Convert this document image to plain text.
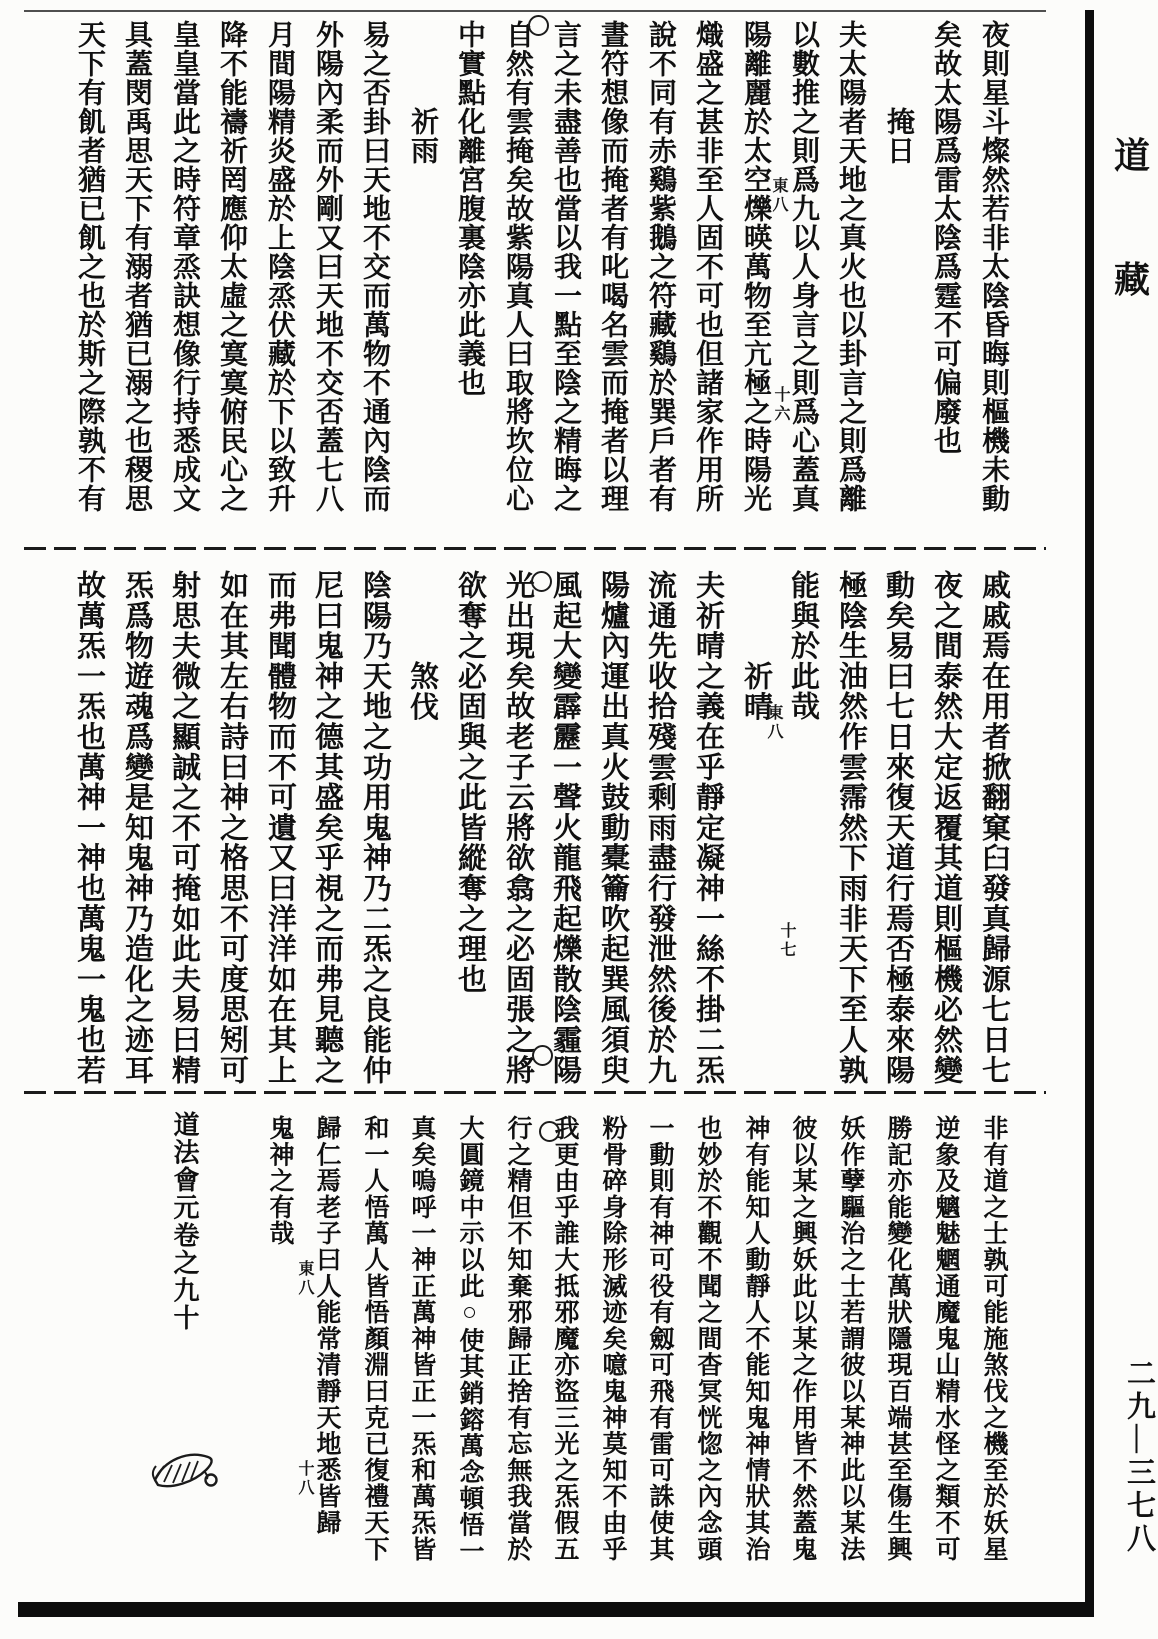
夜則星斗燦然若非太陰昏晦則樞機未動
矣故太陽爲雷太陰爲霆不可偏廢也
掩日
夫太陽者天地之真火也以卦言之則爲離
以數推之則爲九以人身言之則爲心蓋真
陽離麗於太空爍暎萬物至亢極之時陽光
熾盛之甚非至人固不可也但諸家作用所
說不同有赤鷄紫鵝之符藏鷄於巽戶者有
晝符想像而掩者有叱喝名雲而掩者以理
言之未盡善也當以我一點至陰之精晦之
自然有雲掩矣故紫陽真人曰取將坎位心
中實點化離宮腹裏陰亦此義也
祈雨
易之否卦曰天地不交而萬物不通內陰而
外陽內柔而外剛又曰天地不交否蓋七八
月間陽精炎盛於上陰烝伏藏於下以致升
降不能禱祈罔應仰太虛之寞寞俯民心之
皇皇當此之時符章烝訣想像行持悉成文
具蓋閔禹思天下有溺者猶已溺之也稷思
天下有飢者猶已飢之也於斯之際孰不有
戚戚焉在用者掀翻窠臼發真歸源七日七
夜之間泰然大定返覆其道則樞機必然變
動矣易曰七日來復天道行焉否極泰來陽
極陰生油然作雲霈然下雨非天下至人孰
能與於此哉
祈晴
夫祈晴之義在乎靜定凝神一絲不掛二炁
流通先收拾殘雲剩雨盡行發泄然後於九
陽爐內運出真火鼓動橐籥吹起巽風須臾
風起大變霹靂一聲火龍飛起爍散陰霾陽
光出現矣故老子云將欲翕之必固張之將
欲奪之必固與之此皆縱奪之理也
煞伐
陰陽乃天地之功用鬼神乃二炁之良能仲
尼曰鬼神之德其盛矣乎視之而弗見聽之
而弗聞體物而不可遺又曰洋洋如在其上
如在其左右詩曰神之格思不可度思矧可
射思夫微之顯誠之不可掩如此夫易曰精
炁爲物遊魂爲變是知鬼神乃造化之迹耳
故萬炁一炁也萬神一神也萬鬼一鬼也若
非有道之士孰可能施煞伐之機至於妖星
逆象及魑魅魍通魔鬼山精水怪之類不可
勝記亦能變化萬狀隱現百端甚至傷生興
妖作孽驅治之士若謂彼以某神此以某法
彼以某之興妖此以某之作用皆不然蓋鬼
神有能知人動靜人不能知鬼神情狀其治
也妙於不觀不聞之間杳冥恍惚之內念頭
一動則有神可役有劔可飛有雷可誅使其
粉骨碎身除形滅迹矣噫鬼神莫知不由乎
我更由乎誰大抵邪魔亦盜三光之炁假五
行之精但不知棄邪歸正捨有忘無我當於
大圓鏡中示以此○使其銷鎔萬念頓悟一
真矣嗚呼一神正萬神皆正一炁和萬炁皆
和一人悟萬人皆悟顏淵曰克已復禮天下
歸仁焉老子曰人能常清靜天地悉皆歸
鬼神之有哉
道法會元卷之九十
東八
十六
東八
十七
東八
十八
道
藏
二九—三七八
